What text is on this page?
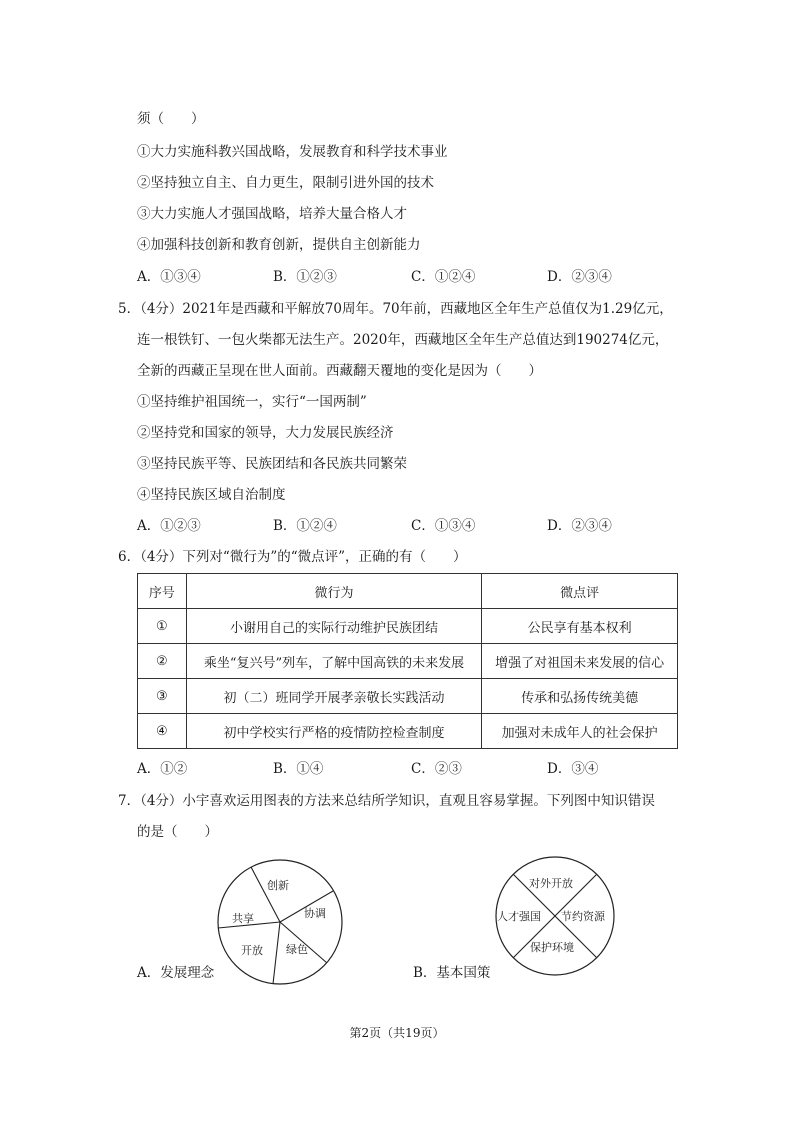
须（　　）
①大力实施科教兴国战略，发展教育和科学技术事业
②坚持独立自主、自力更生，限制引进外国的技术
③大力实施人才强国战略，培养大量合格人才
④加强科技创新和教育创新，提供自主创新能力
A．①③④	B．①②③	C．①②④	D．②③④
5．（4分）2021年是西藏和平解放70周年。70年前，西藏地区全年生产总值仅为1.29亿元，
连一根铁钉、一包火柴都无法生产。2020年，西藏地区全年生产总值达到190274亿元，
全新的西藏正呈现在世人面前。西藏翻天覆地的变化是因为（　　）
①坚持维护祖国统一，实行“一国两制”
②坚持党和国家的领导，大力发展民族经济
③坚持民族平等、民族团结和各民族共同繁荣
④坚持民族区域自治制度
A．①②③	B．①②④	C．①③④	D．②③④
6．（4分）下列对“微行为”的“微点评”，正确的有（　　）
序号	微行为	微点评
①	小谢用自己的实际行动维护民族团结	公民享有基本权利
②	乘坐“复兴号”列车，了解中国高铁的未来发展	增强了对祖国未来发展的信心
③	初（二）班同学开展孝亲敬长实践活动	传承和弘扬传统美德
④	初中学校实行严格的疫情防控检查制度	加强对未成年人的社会保护
A．①②	B．①④	C．②③	D．③④
7．（4分）小宇喜欢运用图表的方法来总结所学知识，直观且容易掌握。下列图中知识错误
的是（　　）
创新
协调
绿色
开放
共享
A．发展理念
对外开放
节约资源
保护环境
人才强国
B．基本国策
第2页（共19页）
